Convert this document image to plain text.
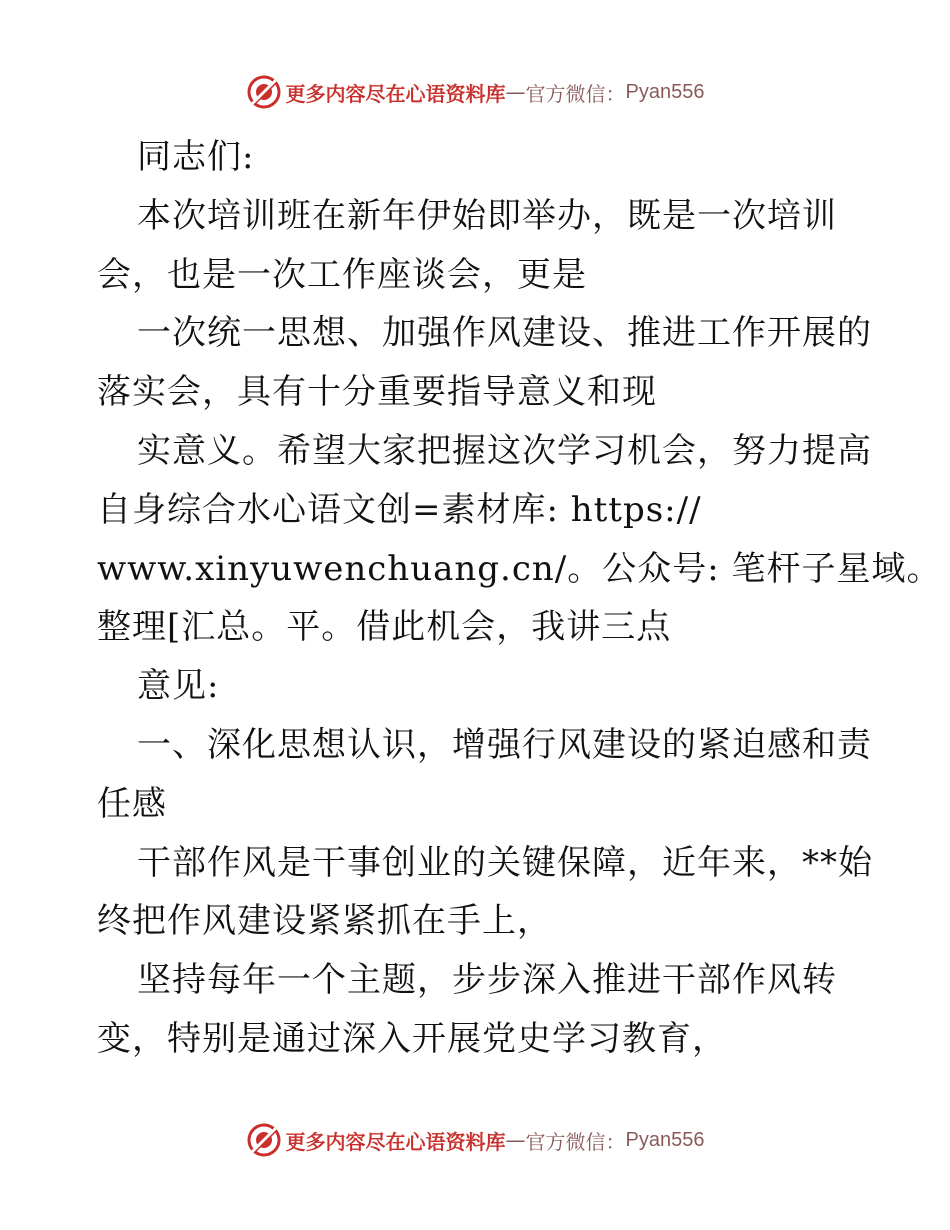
更多内容尽在心语资料库 — 官方微信： Pyan556
同志们:
本次培训班在新年伊始即举办，既是一次培训
会，也是一次工作座谈会，更是
一次统一思想、加强作风建设、推进工作开展的
落实会，具有十分重要指导意义和现
实意义。希望大家把握这次学习机会，努力提高
自身综合水心语文创=素材库: https://
www.xinyuwenchuang.cn/。公众号: 笔杆子星域。
整理[汇总。平。借此机会，我讲三点
意见:
一、深化思想认识，增强行风建设的紧迫感和责
任感
干部作风是干事创业的关键保障，近年来，**始
终把作风建设紧紧抓在手上，
坚持每年一个主题，步步深入推进干部作风转
变，特别是通过深入开展党史学习教育，
更多内容尽在心语资料库 — 官方微信： Pyan556
